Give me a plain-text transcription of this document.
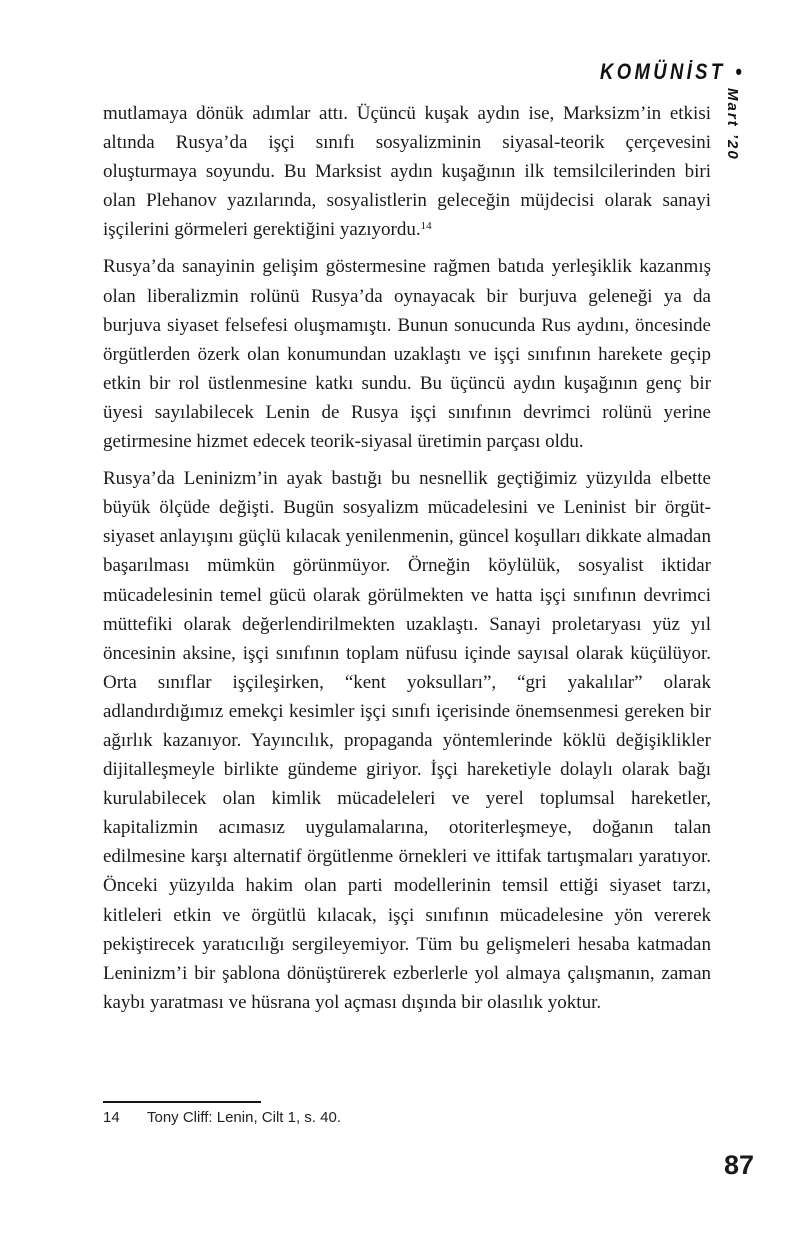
KOMÜNİST •
Mart ’20

mutlamaya dönük adımlar attı. Üçüncü kuşak aydın ise, Marksizm’in etkisi altında Rusya’da işçi sınıfı sosyalizminin siyasal-teorik çerçevesini oluşturmaya soyundu. Bu Marksist aydın kuşağının ilk temsilcilerinden biri olan Plehanov yazılarında, sosyalistlerin geleceğin müjdecisi olarak sanayi işçilerini görmeleri gerektiğini yazıyordu.$^{14}$

Rusya’da sanayinin gelişim göstermesine rağmen batıda yerleşiklik kazanmış olan liberalizmin rolünü Rusya’da oynayacak bir burjuva geleneği ya da burjuva siyaset felsefesi oluşmamıştı. Bunun sonucunda Rus aydını, öncesinde örgütlerden özerk olan konumundan uzaklaştı ve işçi sınıfının harekete geçip etkin bir rol üstlenmesine katkı sundu. Bu üçüncü aydın kuşağının genç bir üyesi sayılabilecek Lenin de Rusya işçi sınıfının devrimci rolünü yerine getirmesine hizmet edecek teorik-siyasal üretimin parçası oldu.

Rusya’da Leninizm’in ayak bastığı bu nesnellik geçtiğimiz yüzyılda elbette büyük ölçüde değişti. Bugün sosyalizm mücadelesini ve Leninist bir örgüt-siyaset anlayışını güçlü kılacak yenilenmenin, güncel koşulları dikkate almadan başarılması mümkün görünmüyor. Örneğin köylülük, sosyalist iktidar mücadelesinin temel gücü olarak görülmekten ve hatta işçi sınıfının devrimci müttefiki olarak değerlendirilmekten uzaklaştı. Sanayi proletaryası yüz yıl öncesinin aksine, işçi sınıfının toplam nüfusu içinde sayısal olarak küçülüyor. Orta sınıflar işçileşirken, “kent yoksulları”, “gri yakalılar” olarak adlandırdığımız emekçi kesimler işçi sınıfı içerisinde önemsenmesi gereken bir ağırlık kazanıyor. Yayıncılık, propaganda yöntemlerinde köklü değişiklikler dijitalleşmeyle birlikte gündeme giriyor. İşçi hareketiyle dolaylı olarak bağı kurulabilecek olan kimlik mücadeleleri ve yerel toplumsal hareketler, kapitalizmin acımasız uygulamalarına, otoriterleşmeye, doğanın talan edilmesine karşı alternatif örgütlenme örnekleri ve ittifak tartışmaları yaratıyor. Önceki yüzyılda hakim olan parti modellerinin temsil ettiği siyaset tarzı, kitleleri etkin ve örgütlü kılacak, işçi sınıfının mücadelesine yön vererek pekiştirecek yaratıcılığı sergileyemiyor. Tüm bu gelişmeleri hesaba katmadan Leninizm’i bir şablona dönüştürerek ezberlerle yol almaya çalışmanın, zaman kaybı yaratması ve hüsrana yol açması dışında bir olasılık yoktur.

14	Tony Cliff: Lenin, Cilt 1, s. 40.
87
